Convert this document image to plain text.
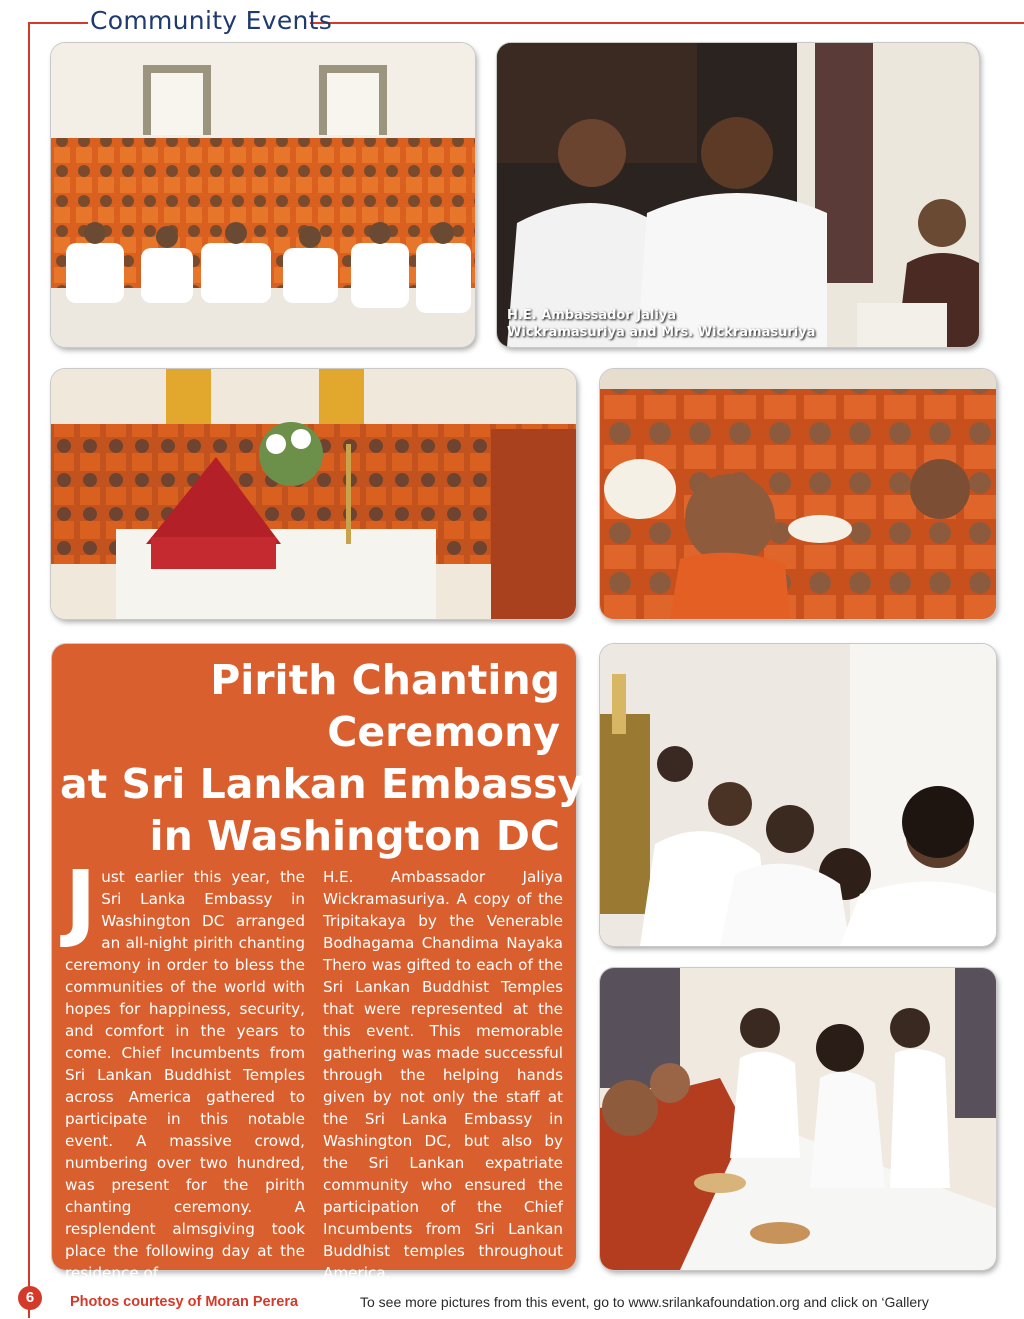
Community Events
H.E. Ambassador Jaliya
Wickramasuriya and Mrs. Wickramasuriya
Pirith Chanting
Ceremony
at Sri Lankan Embassy
in Washington DC
J ust earlier this year, the Sri Lanka Embassy in Washington DC arranged an all-night pirith chanting ceremony in order to bless the communities of the world with hopes for happiness, security, and comfort in the years to come. Chief Incumbents from Sri Lankan Buddhist Temples across America gathered to participate in this notable event. A massive crowd, numbering over two hundred, was present for the pirith chanting ceremony. A resplendent almsgiving took place the following day at the residence of
H.E. Ambassador Jaliya Wickramasuriya. A copy of the Tripitakaya by the Venerable Bodhagama Chandima Nayaka Thero was gifted to each of the Sri Lankan Buddhist Temples that were represented at the this event. This memorable gathering was made successful through the helping hands given by not only the staff at the Sri Lanka Embassy in Washington DC, but also by the Sri Lankan expatriate community who ensured the participation of the Chief Incumbents from Sri Lankan Buddhist temples throughout America.
6	Photos courtesy of Moran Perera	To see more pictures from this event, go to www.srilankafoundation.org and click on ‘Gallery
